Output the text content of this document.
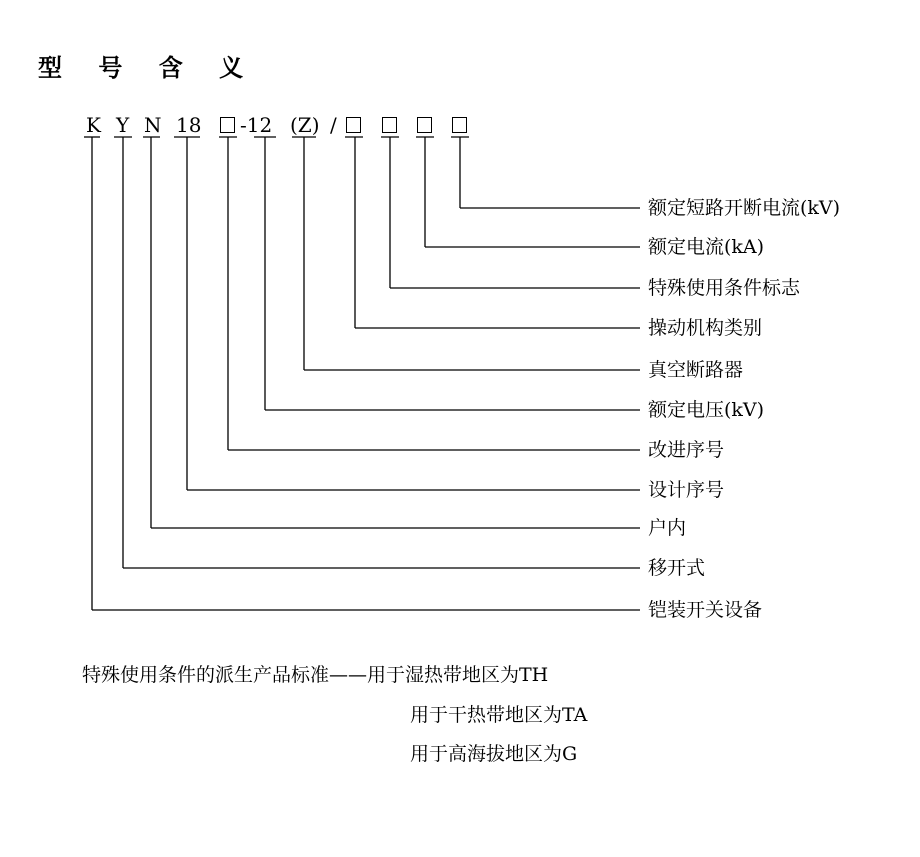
型 号 含 义
K Y N 18 -12 (Z) /
额定短路开断电流(kV)
额定电流(kA)
特殊使用条件标志
操动机构类别
真空断路器
额定电压(kV)
改进序号
设计序号
户内
移开式
铠装开关设备
特殊使用条件的派生产品标准——用于湿热带地区为TH
用于干热带地区为TA
用于高海拔地区为G
